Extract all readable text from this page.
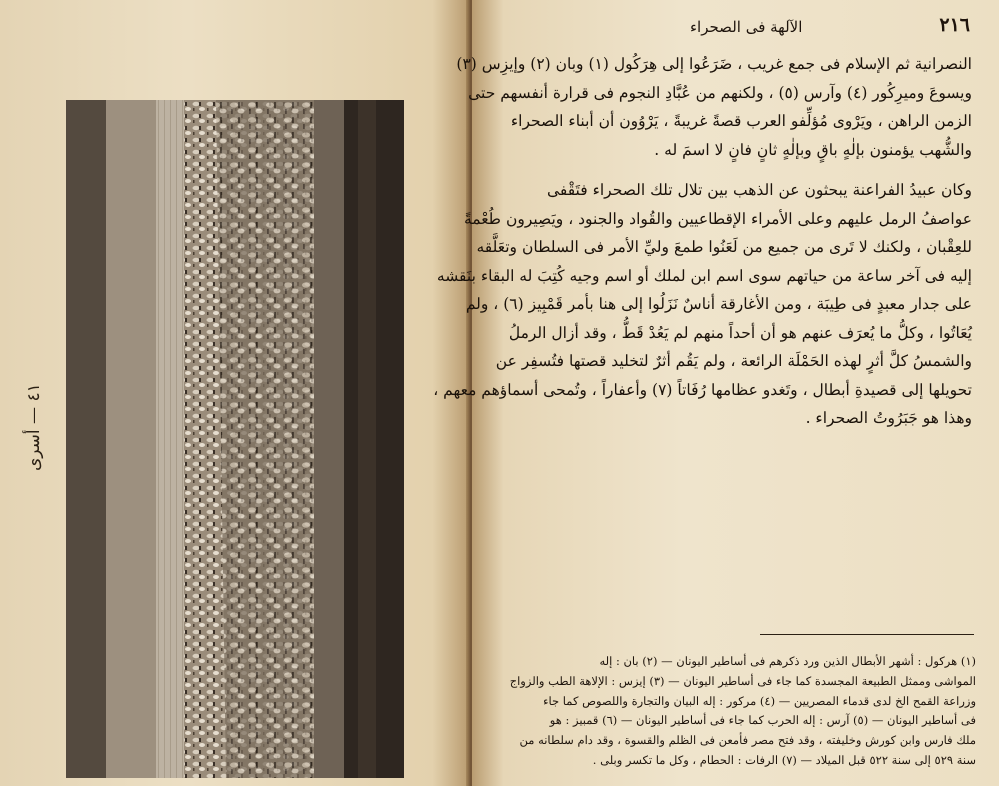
٤١ — أسرى
٢١٦
الآلهة فى الصحراء
النصرانية ثم الإسلام فى جمع غريب ، ضَرَعُوا إلى هِرَكُول (١) وبان (٢) وإيزِس (٣)
ويسوعَ وميرِكُور (٤) وآرس (٥) ، ولكنهم من عُبَّادِ النجوم فى قرارة أنفسهم حتى
الزمن الراهن ، ويَرْوى مُؤلِّفو العرب قصةً غريبةً ، يَرْوُون أن أبناء الصحراء
والشُّهب يؤمنون بإلٰهٍ باقٍ وبإلٰهٍ ثانٍ فانٍ لا اسمَ له .
وكان عبيدُ الفراعنة يبحثون عن الذهب بين تلال تلك الصحراء فتَقْفى
عواصفُ الرمل عليهم وعلى الأمراء الإقطاعيين والقُواد والجنود ، ويَصِيرون طُعْمةً
للعِقْبان ، ولكنك لا تَرى من جميع من لَعَنُوا طمعَ وليِّ الأمر فى السلطان وتعَلَّقه
إليه فى آخر ساعة من حياتهم سوى اسم ابن لملك أو اسم وجيه كُتِبَ له البقاء بنَقشه
على جدار معبدٍ فى طِيبَة ، ومن الأغارقة أناسٌ نَزَلُوا إلى هنا بأمر قَمْبِيز (٦) ، ولم
يُعَاتُوا ، وكلُّ ما يُعرَف عنهم هو أن أحداً منهم لم يَعُدْ قَطُّ ، وقد أزال الرملُ
والشمسُ كلَّ أثرٍ لهذه الحَمْلَة الرائعة ، ولم يَقُم أثرٌ لتخليد قصتها فتُسفِر عن
تحويلها إلى قصيدةِ أبطال ، وتَغدو عظامها رُفَاتاً (٧) وأعفاراً ، وتُمحى أسماؤهم معهم ،
وهذا هو جَبَرُوتُ الصحراء .
(١) هركول : أشهر الأبطال الذين ورد ذكرهم فى أساطير اليونان — (٢) بان : إله
المواشى وممثل الطبيعة المجسدة كما جاء فى أساطير اليونان — (٣) إيزس : الإلاهة الطب والزواج
وزراعة القمح الخ لدى قدماء المصريين — (٤) مركور : إله البيان والتجارة واللصوص كما جاء
فى أساطير اليونان — (٥) آرس : إله الحرب كما جاء فى أساطير اليونان — (٦) قمبيز : هو
ملك فارس وابن كورش وخليفته ، وقد فتح مصر فأمعن فى الظلم والقسوة ، وقد دام سلطانه من
سنة ٥٢٩ إلى سنة ٥٢٢ قبل الميلاد — (٧) الرفات : الحطام ، وكل ما تكسر وبلى .
